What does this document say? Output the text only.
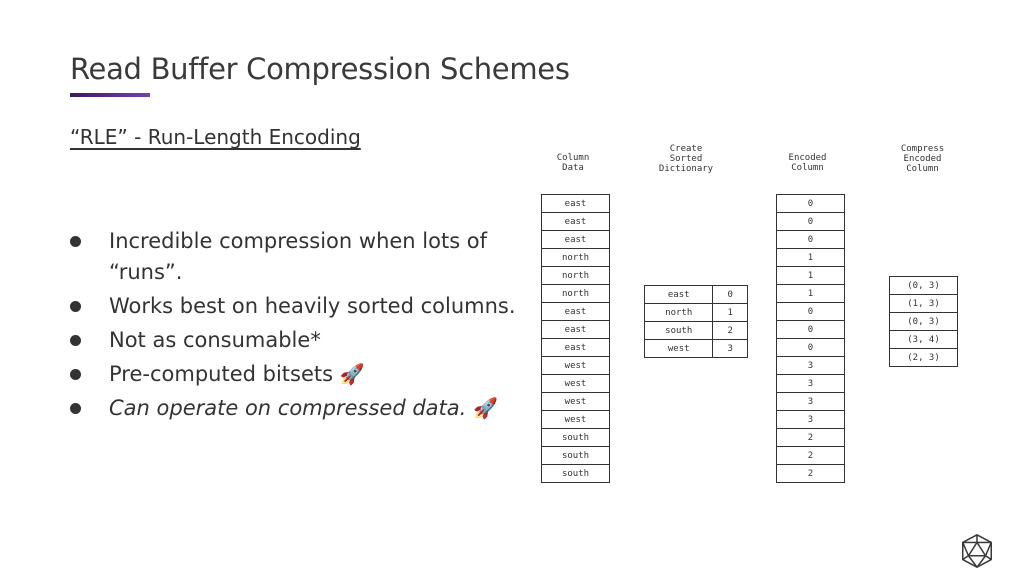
Read Buffer Compression Schemes
“RLE” - Run-Length Encoding
Incredible compression when lots of “runs”.
Works best on heavily sorted columns.
Not as consumable*
Pre-computed bitsets 🚀
Can operate on compressed data. 🚀
Column
Data
Create
Sorted
Dictionary
Encoded
Column
Compress
Encoded
Column
east
east
east
north
north
north
east
east
east
west
west
west
west
south
south
south
east	0
north	1
south	2
west	3
0
0
0
1
1
1
0
0
0
3
3
3
3
2
2
2
(0, 3)
(1, 3)
(0, 3)
(3, 4)
(2, 3)
